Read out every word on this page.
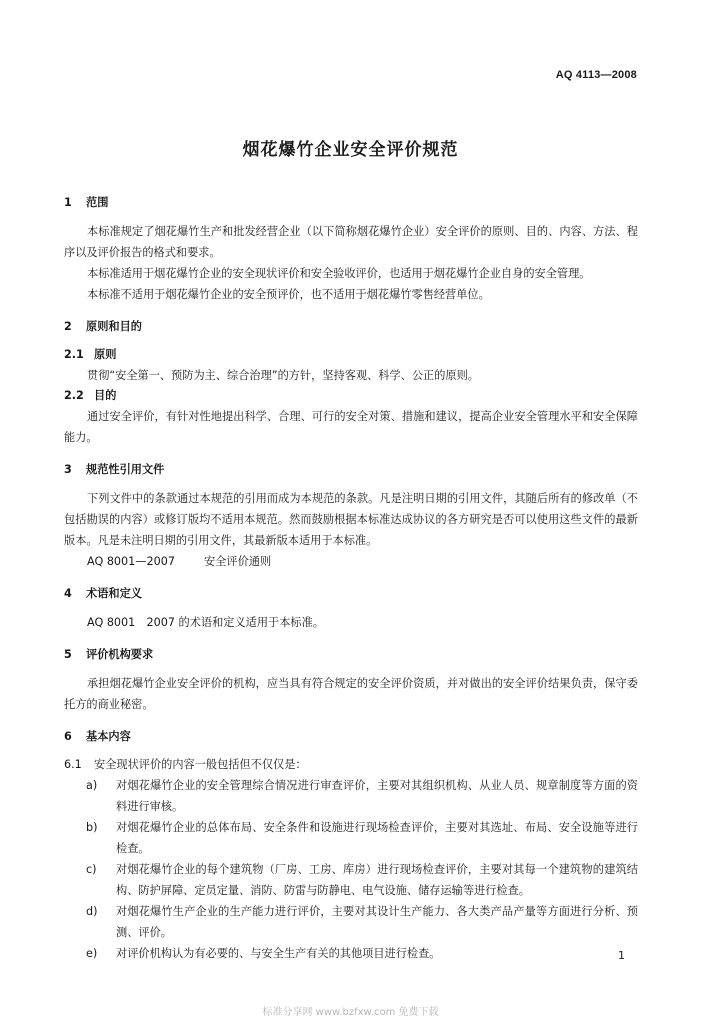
AQ 4113—2008
烟花爆竹企业安全评价规范
1 范围

本标准规定了烟花爆竹生产和批发经营企业（以下简称烟花爆竹企业）安全评价的原则、目的、内容、方法、程序以及评价报告的格式和要求。

本标准适用于烟花爆竹企业的安全现状评价和安全验收评价，也适用于烟花爆竹企业自身的安全管理。

本标准不适用于烟花爆竹企业的安全预评价，也不适用于烟花爆竹零售经营单位。

2 原则和目的
2.1 原则

贯彻“安全第一、预防为主、综合治理”的方针，坚持客观、科学、公正的原则。

2.2 目的

通过安全评价，有针对性地提出科学、合理、可行的安全对策、措施和建议，提高企业安全管理水平和安全保障能力。

3 规范性引用文件

下列文件中的条款通过本规范的引用而成为本规范的条款。凡是注明日期的引用文件，其随后所有的修改单（不包括勘误的内容）或修订版均不适用本规范。然而鼓励根据本标准达成协议的各方研究是否可以使用这些文件的最新版本。凡是未注明日期的引用文件，其最新版本适用于本标准。

AQ 8001—2007	安全评价通则

4 术语和定义

AQ 8001　2007 的术语和定义适用于本标准。

5 评价机构要求

承担烟花爆竹企业安全评价的机构，应当具有符合规定的安全评价资质，并对做出的安全评价结果负责，保守委托方的商业秘密。

6 基本内容
6.1 安全现状评价的内容一般包括但不仅仅是：
a)	对烟花爆竹企业的安全管理综合情况进行审查评价，主要对其组织机构、从业人员、规章制度等方面的资料进行审核。
b)	对烟花爆竹企业的总体布局、安全条件和设施进行现场检查评价，主要对其选址、布局、安全设施等进行检查。
c)	对烟花爆竹企业的每个建筑物（厂房、工房、库房）进行现场检查评价，主要对其每一个建筑物的建筑结构、防护屏障、定员定量、消防、防雷与防静电、电气设施、储存运输等进行检查。
d)	对烟花爆竹生产企业的生产能力进行评价，主要对其设计生产能力、各大类产品产量等方面进行分析、预测、评价。
e)	对评价机构认为有必要的、与安全生产有关的其他项目进行检查。	1
标准分享网 www.bzfxw.com 免费下载
